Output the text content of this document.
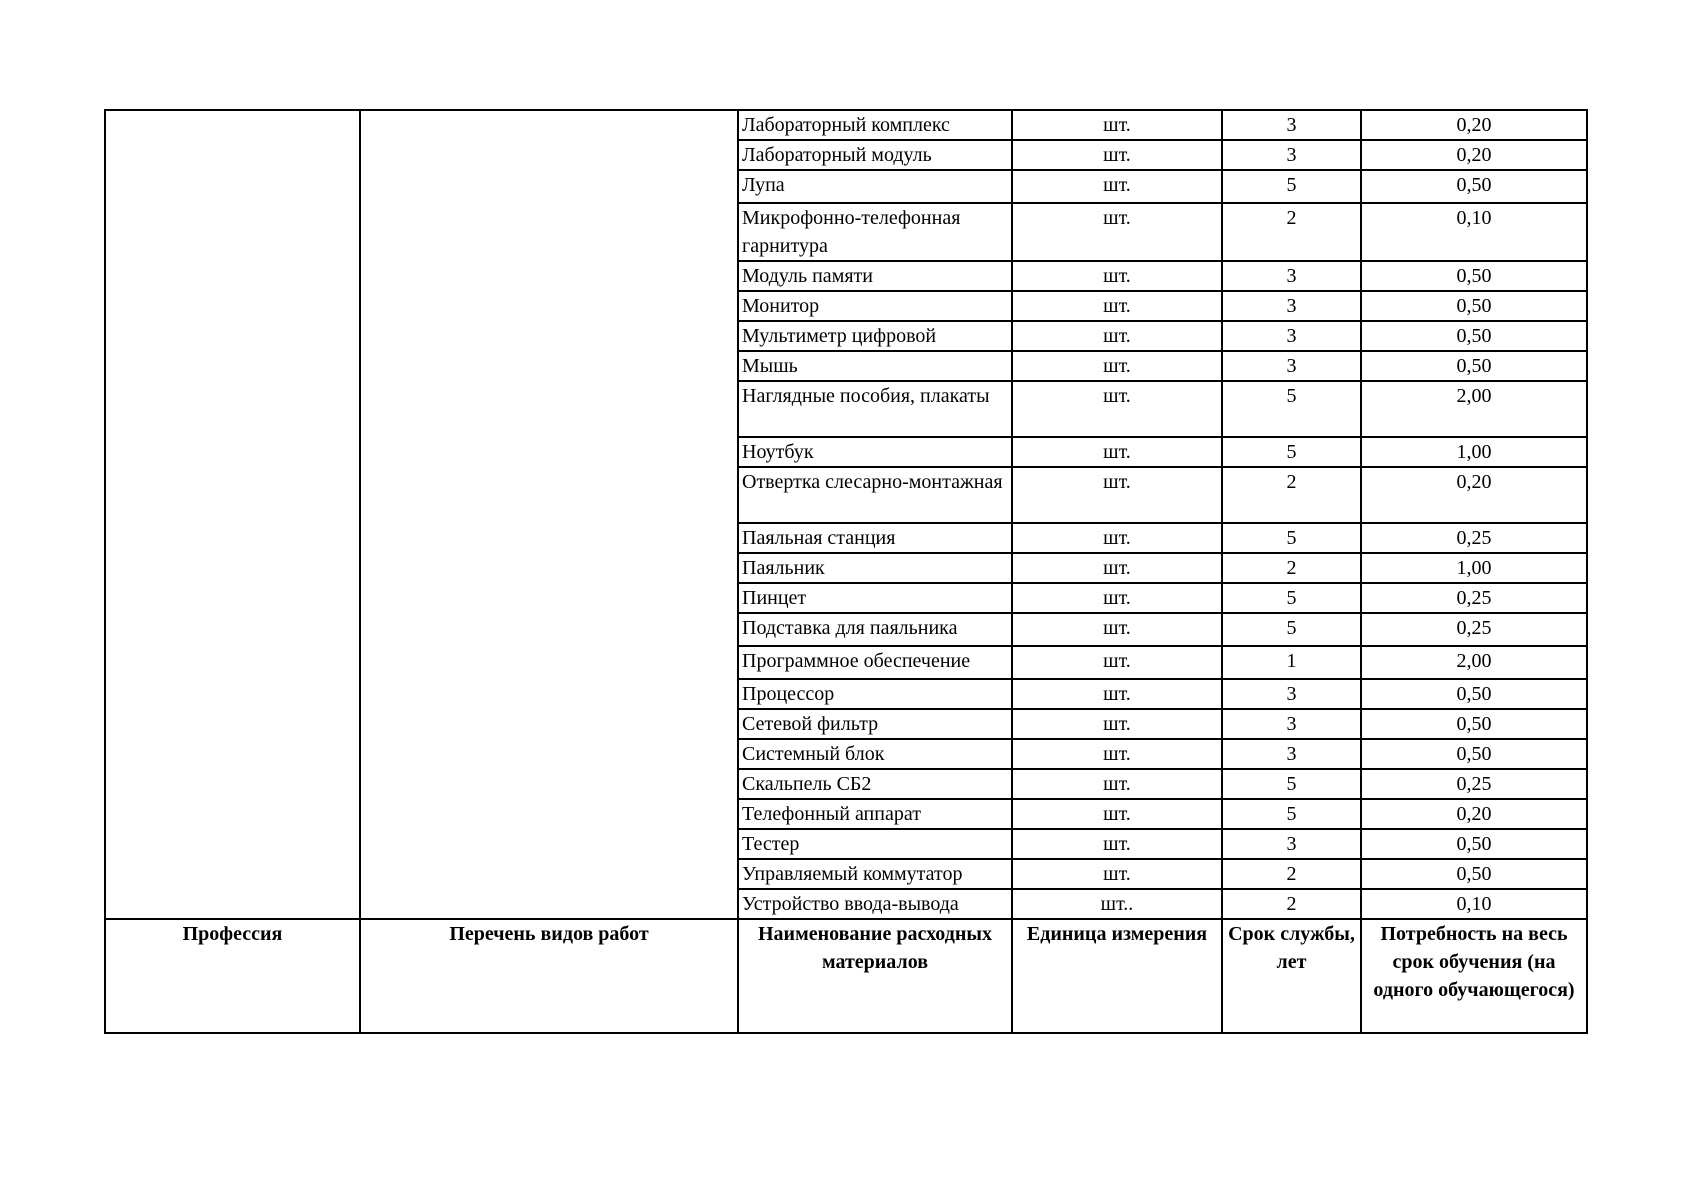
		Лабораторный комплекс	шт.	3	0,20
		Лабораторный модуль	шт.	3	0,20
		Лупа	шт.	5	0,50
		Микрофонно-телефонная гарнитура	шт.	2	0,10
		Модуль памяти	шт.	3	0,50
		Монитор	шт.	3	0,50
		Мультиметр цифровой	шт.	3	0,50
		Мышь	шт.	3	0,50
		Наглядные пособия, плакаты	шт.	5	2,00
		Ноутбук	шт.	5	1,00
		Отвертка слесарно-монтажная	шт.	2	0,20
		Паяльная станция	шт.	5	0,25
		Паяльник	шт.	2	1,00
		Пинцет	шт.	5	0,25
		Подставка для паяльника	шт.	5	0,25
		Программное обеспечение	шт.	1	2,00
		Процессор	шт.	3	0,50
		Сетевой фильтр	шт.	3	0,50
		Системный блок	шт.	3	0,50
		Скальпель СБ2	шт.	5	0,25
		Телефонный аппарат	шт.	5	0,20
		Тестер	шт.	3	0,50
		Управляемый коммутатор	шт.	2	0,50
		Устройство ввода-вывода	шт..	2	0,10
Профессия	Перечень видов работ	Наименование расходных материалов	Единица измерения	Срок службы, лет	Потребность на весь срок обучения (на одного обучающегося)
